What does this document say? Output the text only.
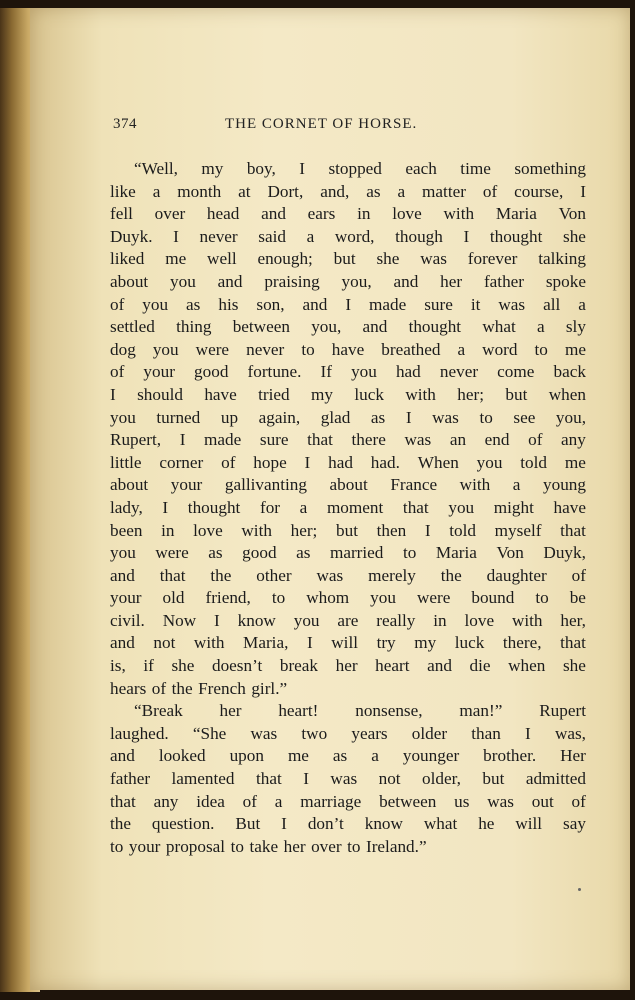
374	THE CORNET OF HORSE.
“Well, my boy, I stopped each time something
like a month at Dort, and, as a matter of course, I
fell over head and ears in love with Maria Von
Duyk. I never said a word, though I thought she
liked me well enough; but she was forever talking
about you and praising you, and her father spoke
of you as his son, and I made sure it was all a
settled thing between you, and thought what a sly
dog you were never to have breathed a word to me
of your good fortune. If you had never come back
I should have tried my luck with her; but when
you turned up again, glad as I was to see you,
Rupert, I made sure that there was an end of any
little corner of hope I had had. When you told me
about your gallivanting about France with a young
lady, I thought for a moment that you might have
been in love with her; but then I told myself that
you were as good as married to Maria Von Duyk,
and that the other was merely the daughter of
your old friend, to whom you were bound to be
civil. Now I know you are really in love with her,
and not with Maria, I will try my luck there, that
is, if she doesn’t break her heart and die when she
hears of the French girl.”
“Break her heart! nonsense, man!” Rupert
laughed. “She was two years older than I was,
and looked upon me as a younger brother. Her
father lamented that I was not older, but admitted
that any idea of a marriage between us was out of
the question. But I don’t know what he will say
to your proposal to take her over to Ireland.”
